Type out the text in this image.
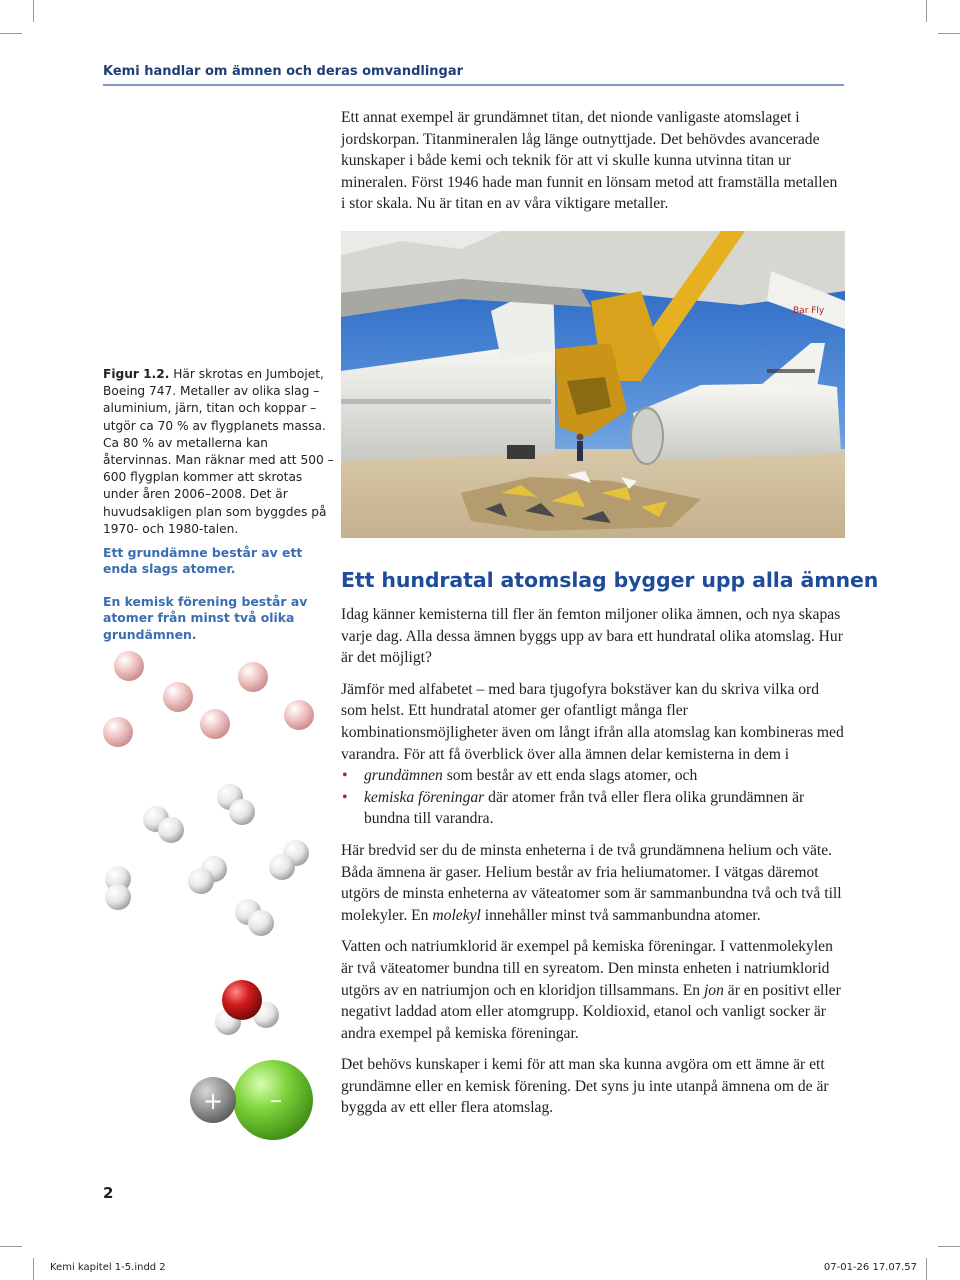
Kemi handlar om ämnen och deras omvandlingar
Ett annat exempel är grundämnet titan, det nionde vanligaste atomslaget i jordskorpan. Titanmineralen låg länge outnyttjade. Det behövdes avancerade kunskaper i både kemi och teknik för att vi skulle kunna utvinna titan ur mineralen. Först 1946 hade man funnit en lönsam metod att framställa metallen i stor skala. Nu är titan en av våra viktigare metaller.
Bar Fly
Figur 1.2. Här skrotas en Jumbojet, Boeing 747. Metaller av olika slag – aluminium, järn, titan och koppar – utgör ca 70 % av flygplanets massa. Ca 80 % av metallerna kan återvinnas. Man räknar med att 500 – 600 flygplan kommer att skrotas under åren 2006–2008. Det är huvudsakligen plan som byggdes på 1970- och 1980-talen.
Ett grundämne består av ett enda slags atomer.
En kemisk förening består av atomer från minst två olika grundämnen.
Ett hundratal atomslag bygger upp alla ämnen

Idag känner kemisterna till fler än femton miljoner olika ämnen, och nya skapas varje dag. Alla dessa ämnen byggs upp av bara ett hundratal olika atomslag. Hur är det möjligt?

Jämför med alfabetet – med bara tjugofyra bokstäver kan du skriva vilka ord som helst. Ett hundratal atomer ger ofantligt många fler kombinationsmöjligheter även om långt ifrån alla atomslag kan kombineras med varandra. För att få överblick över alla ämnen delar kemisterna in dem i

• grundämnen som består av ett enda slags atomer, och
• kemiska föreningar där atomer från två eller flera olika grundämnen är bundna till varandra.

Här bredvid ser du de minsta enheterna i de två grundämnena helium och väte. Båda ämnena är gaser. Helium består av fria heliumatomer. I vätgas däremot utgörs de minsta enheterna av väteatomer som är sammanbundna två och två till molekyler. En molekyl innehåller minst två sammanbundna atomer.

Vatten och natriumklorid är exempel på kemiska föreningar. I vattenmolekylen är två väteatomer bundna till en syreatom. Den minsta enheten i natriumklorid utgörs av en natriumjon och en kloridjon tillsammans. En jon är en positivt eller negativt laddad atom eller atomgrupp. Koldioxid, etanol och vanligt socker är andra exempel på kemiska föreningar.

Det behövs kunskaper i kemi för att man ska kunna avgöra om ett ämne är ett grundämne eller en kemisk förening. Det syns ju inte utanpå ämnena om de är byggda av ett eller flera atomslag.

+ –
2
Kemi kapitel 1-5.indd 2	07-01-26 17.07.57
